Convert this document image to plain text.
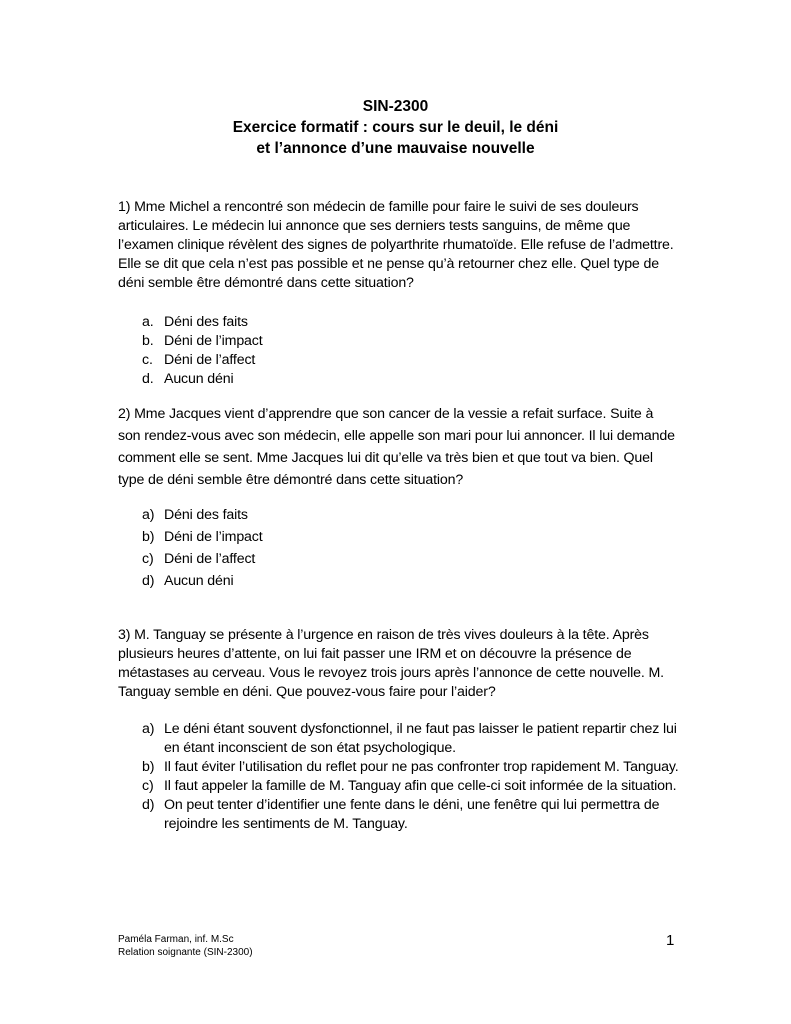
SIN-2300
Exercice formatif : cours sur le deuil, le déni
et l’annonce d’une mauvaise nouvelle
1) Mme Michel a rencontré son médecin de famille pour faire le suivi de ses douleurs articulaires. Le médecin lui annonce que ses derniers tests sanguins, de même que l’examen clinique révèlent des signes de polyarthrite rhumatoïde. Elle refuse de l’admettre. Elle se dit que cela n’est pas possible et ne pense qu’à retourner chez elle. Quel type de déni semble être démontré dans cette situation?
a. Déni des faits
b. Déni de l’impact
c. Déni de l’affect
d. Aucun déni
2) Mme Jacques vient d’apprendre que son cancer de la vessie a refait surface. Suite à son rendez-vous avec son médecin, elle appelle son mari pour lui annoncer. Il lui demande comment elle se sent. Mme Jacques lui dit qu’elle va très bien et que tout va bien. Quel type de déni semble être démontré dans cette situation?
a) Déni des faits
b) Déni de l’impact
c) Déni de l’affect
d) Aucun déni
3) M. Tanguay se présente à l’urgence en raison de très vives douleurs à la tête. Après plusieurs heures d’attente, on lui fait passer une IRM et on découvre la présence de métastases au cerveau. Vous le revoyez trois jours après l’annonce de cette nouvelle. M. Tanguay semble en déni. Que pouvez-vous faire pour l’aider?
a) Le déni étant souvent dysfonctionnel, il ne faut pas laisser le patient repartir chez lui en étant inconscient de son état psychologique.
b) Il faut éviter l’utilisation du reflet pour ne pas confronter trop rapidement M. Tanguay.
c) Il faut appeler la famille de M. Tanguay afin que celle-ci soit informée de la situation.
d) On peut tenter d’identifier une fente dans le déni, une fenêtre qui lui permettra de rejoindre les sentiments de M. Tanguay.
Paméla Farman, inf. M.Sc
Relation soignante (SIN-2300)
1
